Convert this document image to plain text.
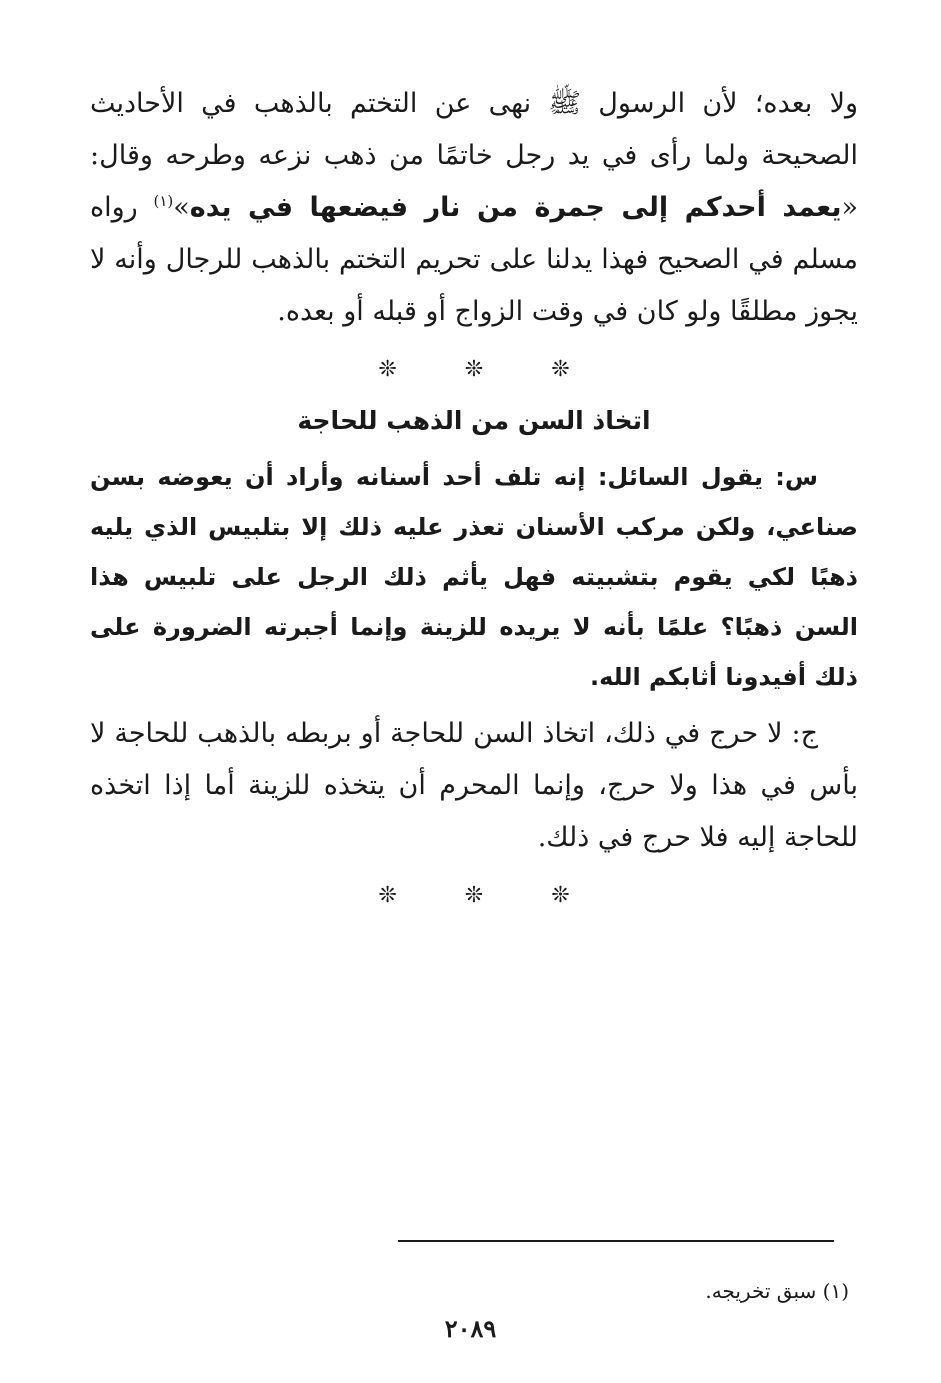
ولا بعده؛ لأن الرسول ﷺ نهى عن التختم بالذهب في الأحاديث الصحيحة ولما رأى في يد رجل خاتمًا من ذهب نزعه وطرحه وقال: «يعمد أحدكم إلى جمرة من نار فيضعها في يده»$^{(١)}$ رواه مسلم في الصحيح فهذا يدلنا على تحريم التختم بالذهب للرجال وأنه لا يجوز مطلقًا ولو كان في وقت الزواج أو قبله أو بعده.

❊❊❊
اتخاذ السن من الذهب للحاجة

س: يقول السائل: إنه تلف أحد أسنانه وأراد أن يعوضه بسن صناعي، ولكن مركب الأسنان تعذر عليه ذلك إلا بتلبيس الذي يليه ذهبًا لكي يقوم بتشبيته فهل يأثم ذلك الرجل على تلبيس هذا السن ذهبًا؟ علمًا بأنه لا يريده للزينة وإنما أجبرته الضرورة على ذلك أفيدونا أثابكم الله.

ج: لا حرج في ذلك، اتخاذ السن للحاجة أو بربطه بالذهب للحاجة لا بأس في هذا ولا حرج، وإنما المحرم أن يتخذه للزينة أما إذا اتخذه للحاجة إليه فلا حرج في ذلك.

❊❊❊
(١) سبق تخريجه.
٢٠٨٩
